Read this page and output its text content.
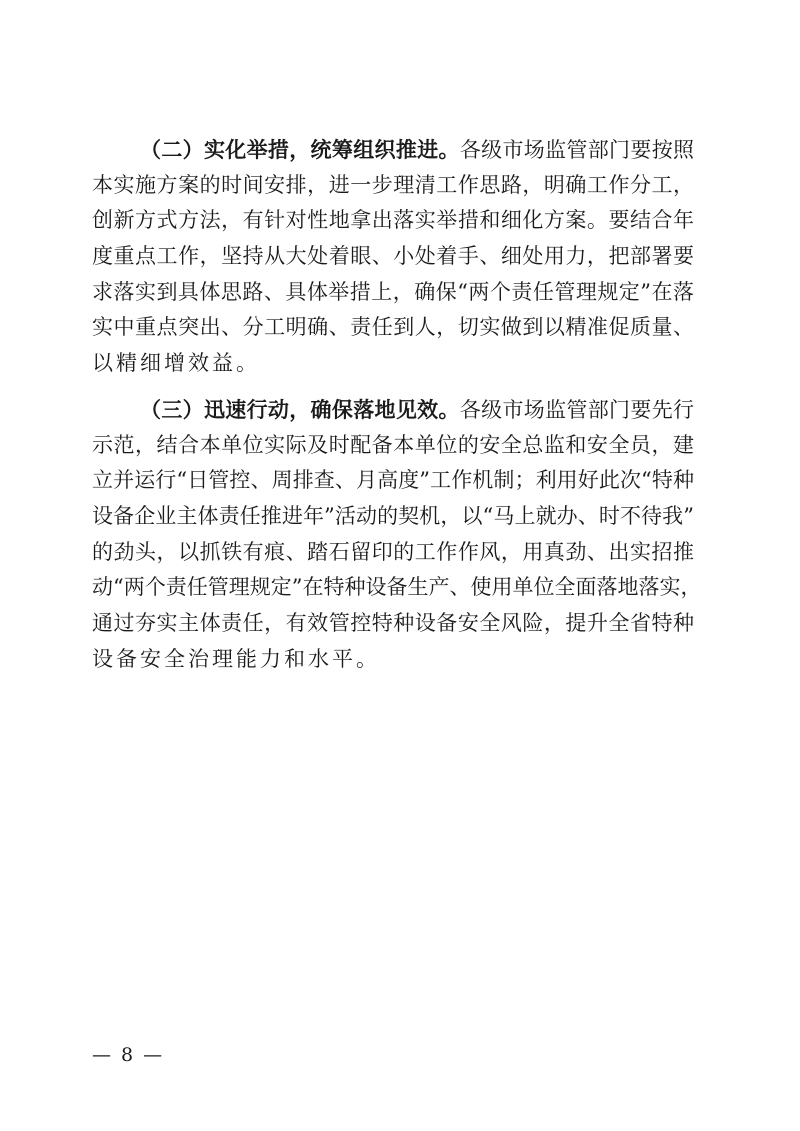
（二）实化举措，统筹组织推进。各级市场监管部门要按照
本实施方案的时间安排，进一步理清工作思路，明确工作分工，
创新方式方法，有针对性地拿出落实举措和细化方案。要结合年
度重点工作，坚持从大处着眼、小处着手、细处用力，把部署要
求落实到具体思路、具体举措上，确保“两个责任管理规定”在落
实中重点突出、分工明确、责任到人，切实做到以精准促质量、
以精细增效益。
（三）迅速行动，确保落地见效。各级市场监管部门要先行
示范，结合本单位实际及时配备本单位的安全总监和安全员，建
立并运行“日管控、周排查、月高度”工作机制；利用好此次“特种
设备企业主体责任推进年”活动的契机，以“马上就办、时不待我”
的劲头，以抓铁有痕、踏石留印的工作作风，用真劲、出实招推
动“两个责任管理规定”在特种设备生产、使用单位全面落地落实，
通过夯实主体责任，有效管控特种设备安全风险，提升全省特种
设备安全治理能力和水平。
— 8 —
